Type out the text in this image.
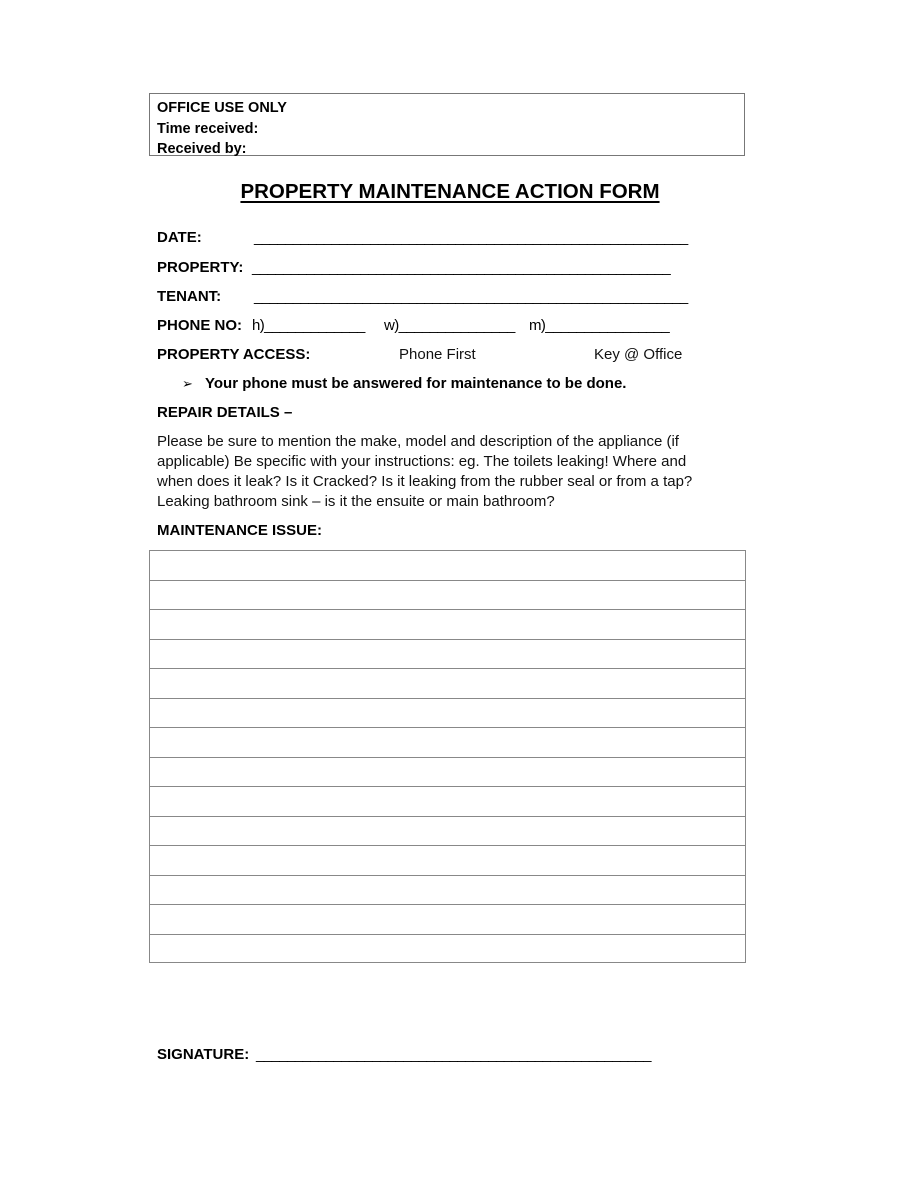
OFFICE USE ONLY
Time received:
Received by:
PROPERTY MAINTENANCE ACTION FORM
DATE:	________________________________________________________
PROPERTY: ______________________________________________________
TENANT: ________________________________________________________
PHONE NO: h)_____________ w)_______________ m)________________
PROPERTY ACCESS:	Phone First	Key @ Office
➢ Your phone must be answered for maintenance to be done.
REPAIR DETAILS –
Please be sure to mention the make, model and description of the appliance (if
applicable) Be specific with your instructions: eg. The toilets leaking! Where and
when does it leak? Is it Cracked? Is it leaking from the rubber seal or from a tap?
Leaking bathroom sink – is it the ensuite or main bathroom?
MAINTENANCE ISSUE:
SIGNATURE: ___________________________________________________
